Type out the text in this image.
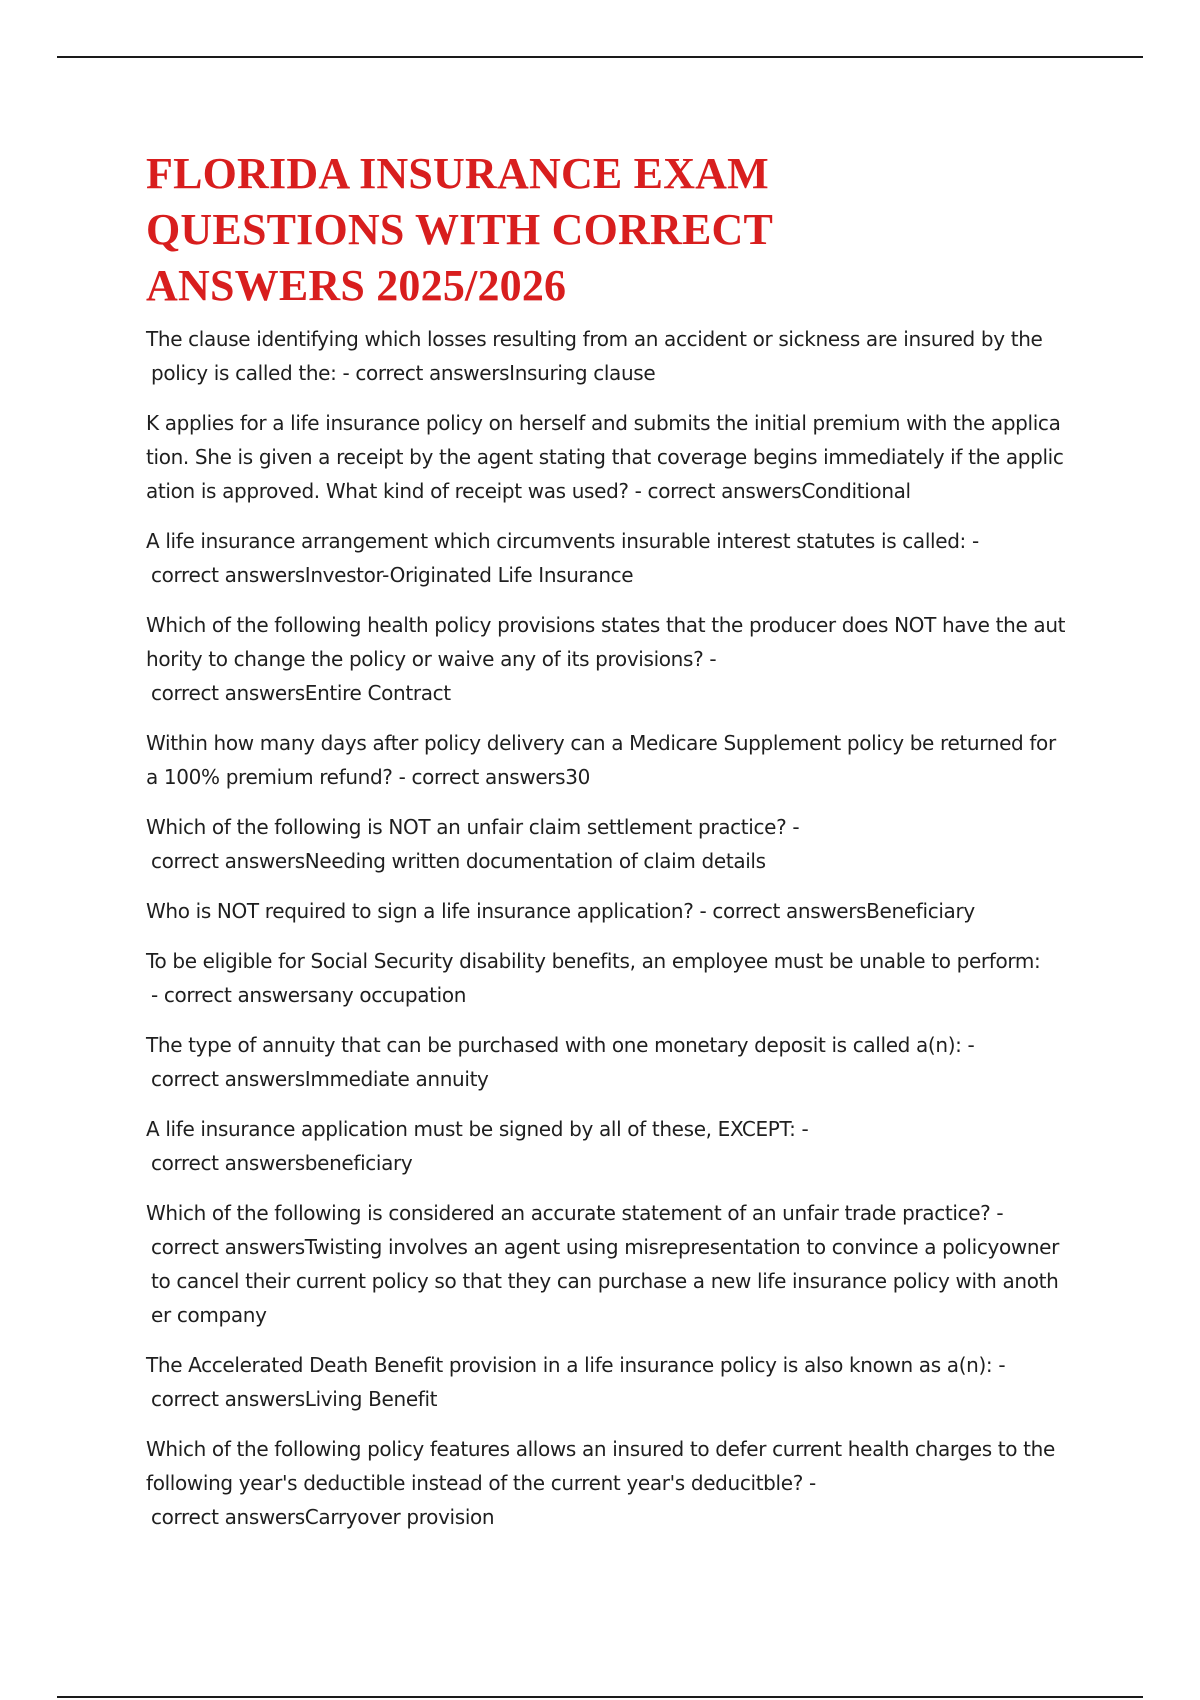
FLORIDA INSURANCE EXAM
QUESTIONS WITH CORRECT
ANSWERS 2025/2026
The clause identifying which losses resulting from an accident or sickness are insured by the
policy is called the: - correct answersInsuring clause
K applies for a life insurance policy on herself and submits the initial premium with the application. She is given a receipt by the agent stating that coverage begins immediately if the application is approved. What kind of receipt was used? - correct answersConditional
A life insurance arrangement which circumvents insurable interest statutes is called: -
correct answersInvestor-Originated Life Insurance
Which of the following health policy provisions states that the producer does NOT have the authority to change the policy or waive any of its provisions? -
correct answersEntire Contract
Within how many days after policy delivery can a Medicare Supplement policy be returned for a 100% premium refund? - correct answers30
Which of the following is NOT an unfair claim settlement practice? -
correct answersNeeding written documentation of claim details
Who is NOT required to sign a life insurance application? - correct answersBeneficiary
To be eligible for Social Security disability benefits, an employee must be unable to perform:
- correct answersany occupation
The type of annuity that can be purchased with one monetary deposit is called a(n): -
correct answersImmediate annuity
A life insurance application must be signed by all of these, EXCEPT: -
correct answersbeneficiary
Which of the following is considered an accurate statement of an unfair trade practice? -
correct answersTwisting involves an agent using misrepresentation to convince a policyowner to cancel their current policy so that they can purchase a new life insurance policy with another company
The Accelerated Death Benefit provision in a life insurance policy is also known as a(n): -
correct answersLiving Benefit
Which of the following policy features allows an insured to defer current health charges to the following year's deductible instead of the current year's deducitble? -
correct answersCarryover provision
